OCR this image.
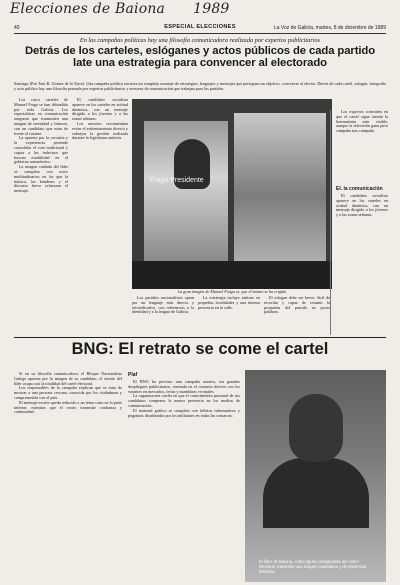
Elecciones de Baiona 1989
40	ESPECIAL ELECCIONES	La Voz de Galicia, martes, 8 de diciembre de 1989
En las campañas políticas hay una filosofía comunicadora realizada por expertos publicitarios
Detrás de los carteles, eslóganes y actos públicos de cada partido late una estrategia para convencer al electorado
Santiago (Por Toni R. Gómez de la Torre). Una campaña política encierra un complejo montaje de estrategias, lenguajes y mensajes que persiguen un objetivo, convencer al elector. Detrás de cada cartel, eslogan, fotografía y acto público hay una filosofía pensada por expertos publicitarios y asesores de comunicación que trabajan para los partidos.

Los cinco carteles de Manuel Fraga se han difundido por toda Galicia. Los especialistas en comunicación aseguran que transmiten una imagen de serenidad y firmeza, con un candidato que mira de frente al votante.

La apuesta por la cercanía y la experiencia pretende consolidar el voto tradicional y captar a los indecisos que buscan estabilidad en el gobierno autonómico.

La imagen cuidada del líder se completa con actos multitudinarios en los que la música, las banderas y el discurso breve refuerzan el mensaje.

El candidato socialista aparece en los carteles en actitud dinámica, con un mensaje dirigido a los jóvenes y a las zonas urbanas.

Los asesores recomiendan evitar el enfrentamiento directo y subrayar la gestión realizada durante la legislatura anterior.

Fraga Presidente
La gran imagen de Manuel Fraga es, que él mismo se ha erigido

Los partidos nacionalistas optan por un lenguaje más directo y reivindicativo, con referencias a la identidad y a la lengua de Galicia.

La estrategia incluye mítines en pequeñas localidades y una intensa presencia en la calle.

El eslogan debe ser breve, fácil de recordar y capaz de resumir la propuesta del partido en pocas palabras.

Los expertos coinciden en que el cartel sigue siendo la herramienta más visible, aunque la televisión gana peso campaña tras campaña.

El. la comunicación

El candidato socialista aparece en los carteles en actitud dinámica, con un mensaje dirigido a los jóvenes y a las zonas urbanas.

BNG: El retrato se come el cartel

Si en su filosofía comunicadora, el Bloque Nacionalista Galego apuesta por la imagen de su candidato, el retrato del líder ocupa casi la totalidad del cartel electoral.

Los responsables de la campaña explican que se trata de mostrar a una persona cercana, conocida por los ciudadanos y comprometida con el país.

El mensaje escrito queda reducido a un lema corto en la parte inferior, mientras que el rostro transmite confianza y continuidad.

Plaf

El BNG ha previsto una campaña austera, sin grandes despliegues publicitarios, centrada en el contacto directo con los votantes en mercados, ferias y asambleas vecinales.

La organización confía en que el conocimiento personal de sus candidatos compense la menor presencia en los medios de comunicación.

El material gráfico se completa con folletos informativos y pegatinas distribuidas por los militantes en todas las comarcas.

El líder de Baiona, como figura protagonista del cartel electoral, transmite una imagen ciudadana y de presencia histórica.
